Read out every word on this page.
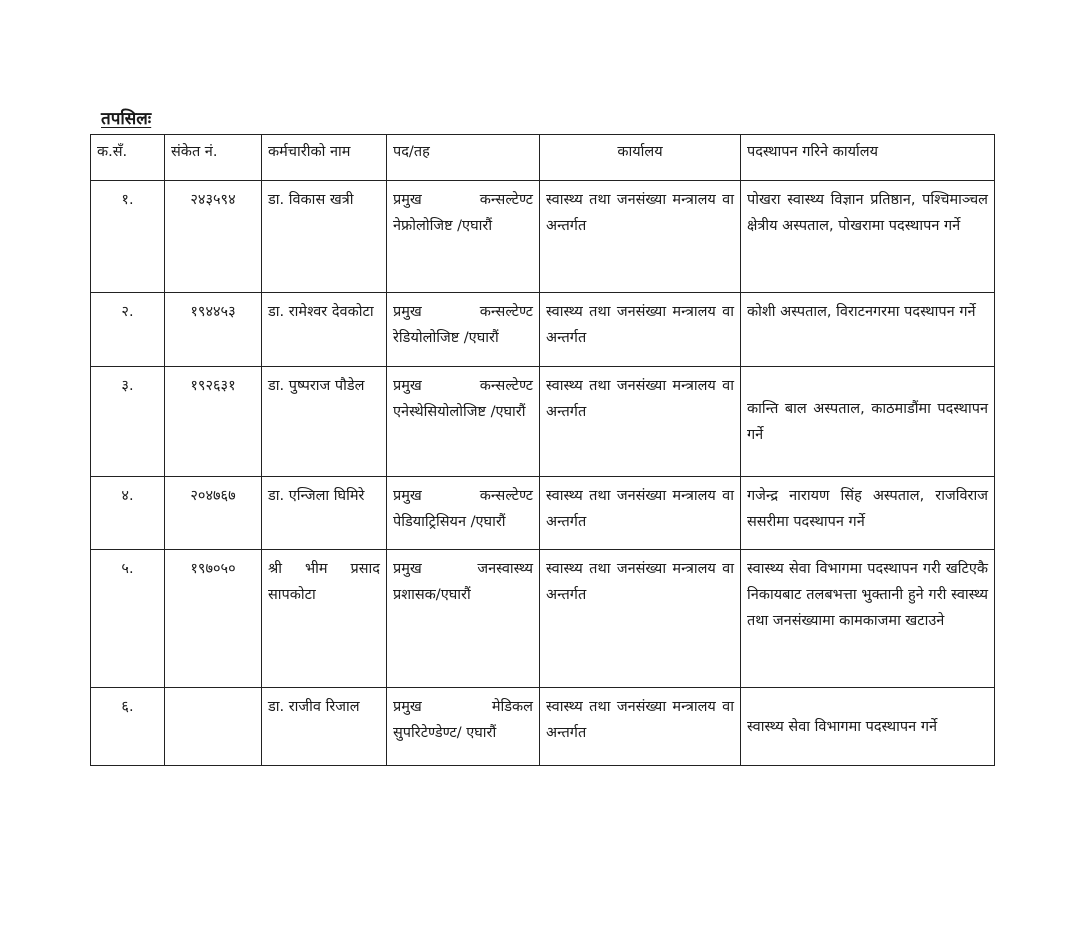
तपसिलः
क.सँ.	संकेत नं.	कर्मचारीको नाम	पद/तह	कार्यालय	पदस्थापन गरिने कार्यालय
१.	२४३५९४	डा. विकास खत्री	प्रमुख कन्सल्टेण्ट नेफ्रोलोजिष्ट /एघारौं	स्वास्थ्य तथा जनसंख्या मन्त्रालय वा अन्तर्गत	पोखरा स्वास्थ्य विज्ञान प्रतिष्ठान, पश्चिमाञ्चल क्षेत्रीय अस्पताल, पोखरामा पदस्थापन गर्ने
२.	१९४४५३	डा. रामेश्वर देवकोटा	प्रमुख कन्सल्टेण्ट रेडियोलोजिष्ट /एघारौं	स्वास्थ्य तथा जनसंख्या मन्त्रालय वा अन्तर्गत	कोशी अस्पताल, विराटनगरमा पदस्थापन गर्ने
३.	१९२६३१	डा. पुष्पराज पौडेल	प्रमुख कन्सल्टेण्ट एनेस्थेसियोलोजिष्ट /एघारौं	स्वास्थ्य तथा जनसंख्या मन्त्रालय वा अन्तर्गत	कान्ति बाल अस्पताल, काठमाडौंमा पदस्थापन गर्ने
४.	२०४७६७	डा. एन्जिला घिमिरे	प्रमुख कन्सल्टेण्ट पेडियाट्रिसियन /एघारौं	स्वास्थ्य तथा जनसंख्या मन्त्रालय वा अन्तर्गत	गजेन्द्र नारायण सिंह अस्पताल, राजविराज ससरीमा पदस्थापन गर्ने
५.	१९७०५०	श्री भीम प्रसाद सापकोटा	प्रमुख जनस्वास्थ्य प्रशासक/एघारौं	स्वास्थ्य तथा जनसंख्या मन्त्रालय वा अन्तर्गत	स्वास्थ्य सेवा विभागमा पदस्थापन गरी खटिएकै निकायबाट तलबभत्ता भुक्तानी हुने गरी स्वास्थ्य तथा जनसंख्यामा कामकाजमा खटाउने
६.		डा. राजीव रिजाल	प्रमुख मेडिकल सुपरिटेण्डेण्ट/ एघारौं	स्वास्थ्य तथा जनसंख्या मन्त्रालय वा अन्तर्गत	स्वास्थ्य सेवा विभागमा पदस्थापन गर्ने
